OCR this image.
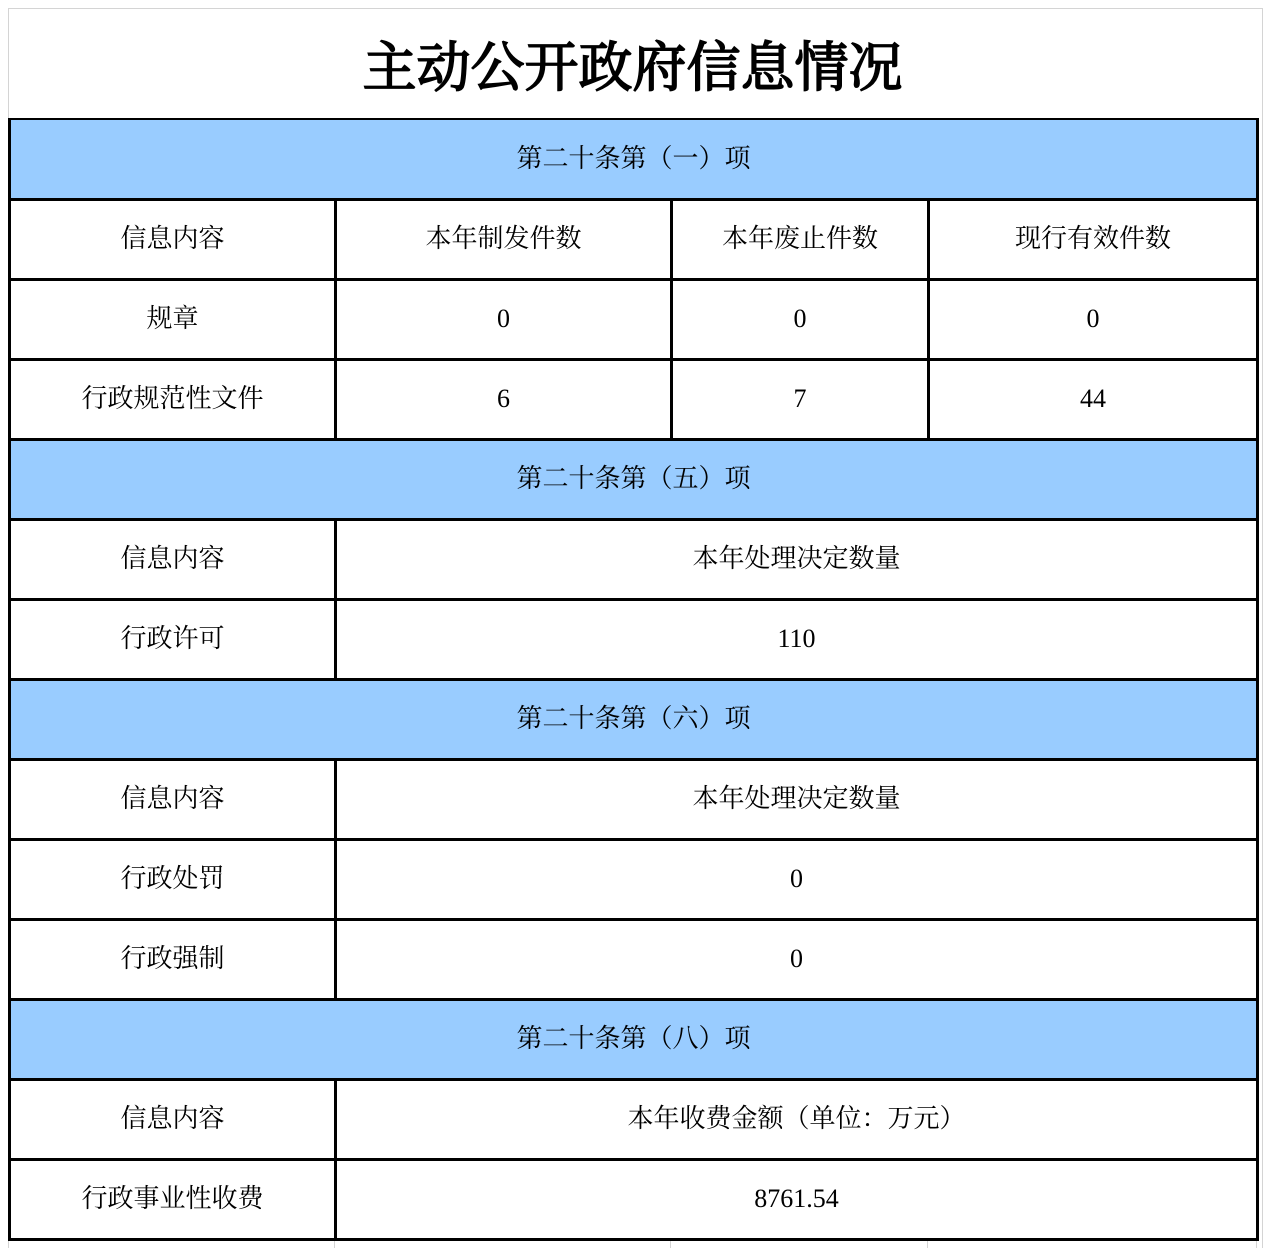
主动公开政府信息情况
第二十条第（一）项			
信息内容	本年制发件数	本年废止件数	现行有效件数
规章	0	0	0
行政规范性文件	6	7	44
第二十条第（五）项			
信息内容	本年处理决定数量		
行政许可	110		
第二十条第（六）项			
信息内容	本年处理决定数量		
行政处罚	0		
行政强制	0		
第二十条第（八）项			
信息内容	本年收费金额（单位：万元）		
行政事业性收费	8761.54		
